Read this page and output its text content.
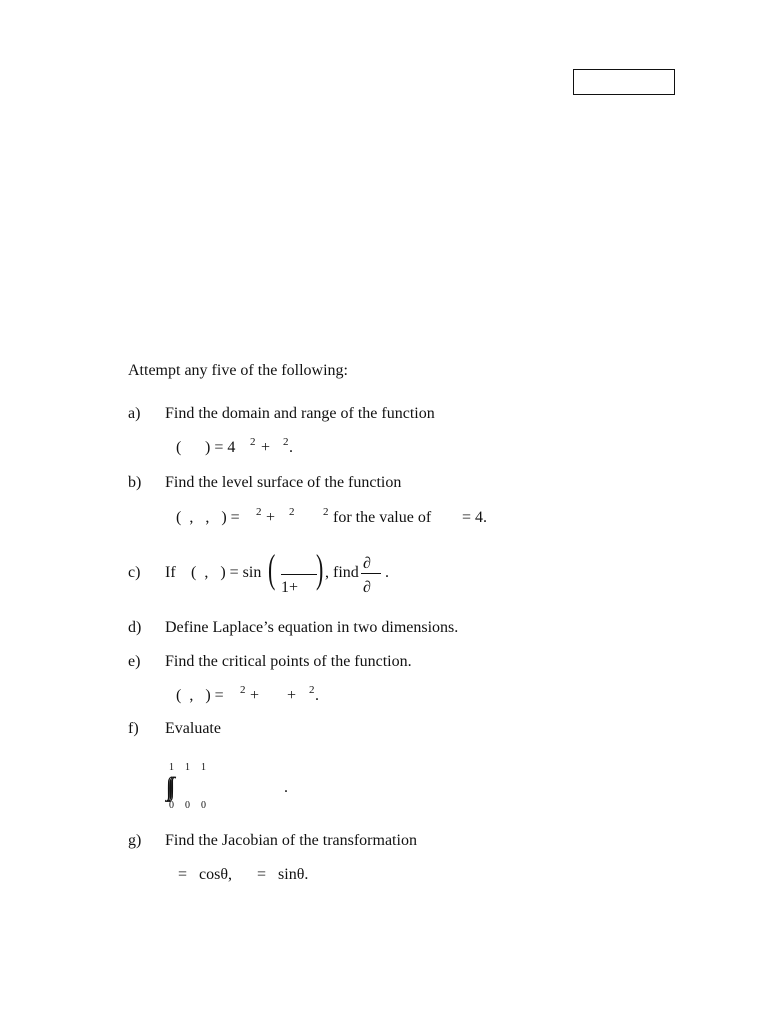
Attempt any five of the following:
a) Find the domain and range of the function
( ) = 4 2 + 2 .
b) Find the level surface of the function
(  ,   ,   ) = 2 + 2	2 for the value of = 4.
c) If (  ,   ) = sin ( 1+ ) , find
∂
∂
.
d) Define Laplace’s equation in two dimensions.
e) Find the critical points of the function.
(  ,   ) = 2 + + 2 .
f) Evaluate
1  1  1
∫∫∫
0  0  0
.
g) Find the Jacobian of the transformation
=   cosθ, =   sinθ.
